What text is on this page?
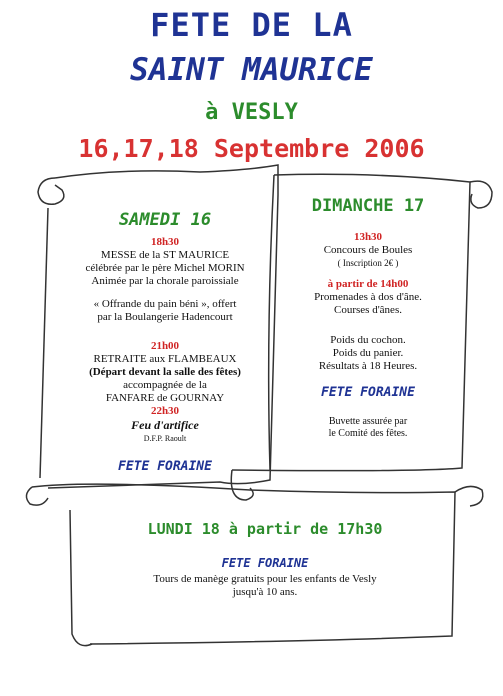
FETE DE LA
SAINT MAURICE
à VESLY
16,17,18 Septembre 2006
SAMEDI 16
18h30
MESSE de la ST MAURICE
célébrée par le père Michel MORIN
Animée par la chorale paroissiale
« Offrande du pain béni », offert
par la Boulangerie Hadencourt
21h00
RETRAITE aux FLAMBEAUX
(Départ devant la salle des fêtes)
accompagnée de la
FANFARE de GOURNAY
22h30
Feu d'artifice
D.F.P. Raoult
FETE FORAINE
DIMANCHE 17
13h30
Concours de Boules
( Inscription 2€ )
à partir de 14h00
Promenades à dos d'âne.
Courses d'ânes.
Poids du cochon.
Poids du panier.
Résultats à 18 Heures.
FETE FORAINE
Buvette assurée par
le Comité des fêtes.
LUNDI 18 à partir de 17h30
FETE FORAINE
Tours de manège gratuits pour les enfants de Vesly
jusqu'à 10 ans.
